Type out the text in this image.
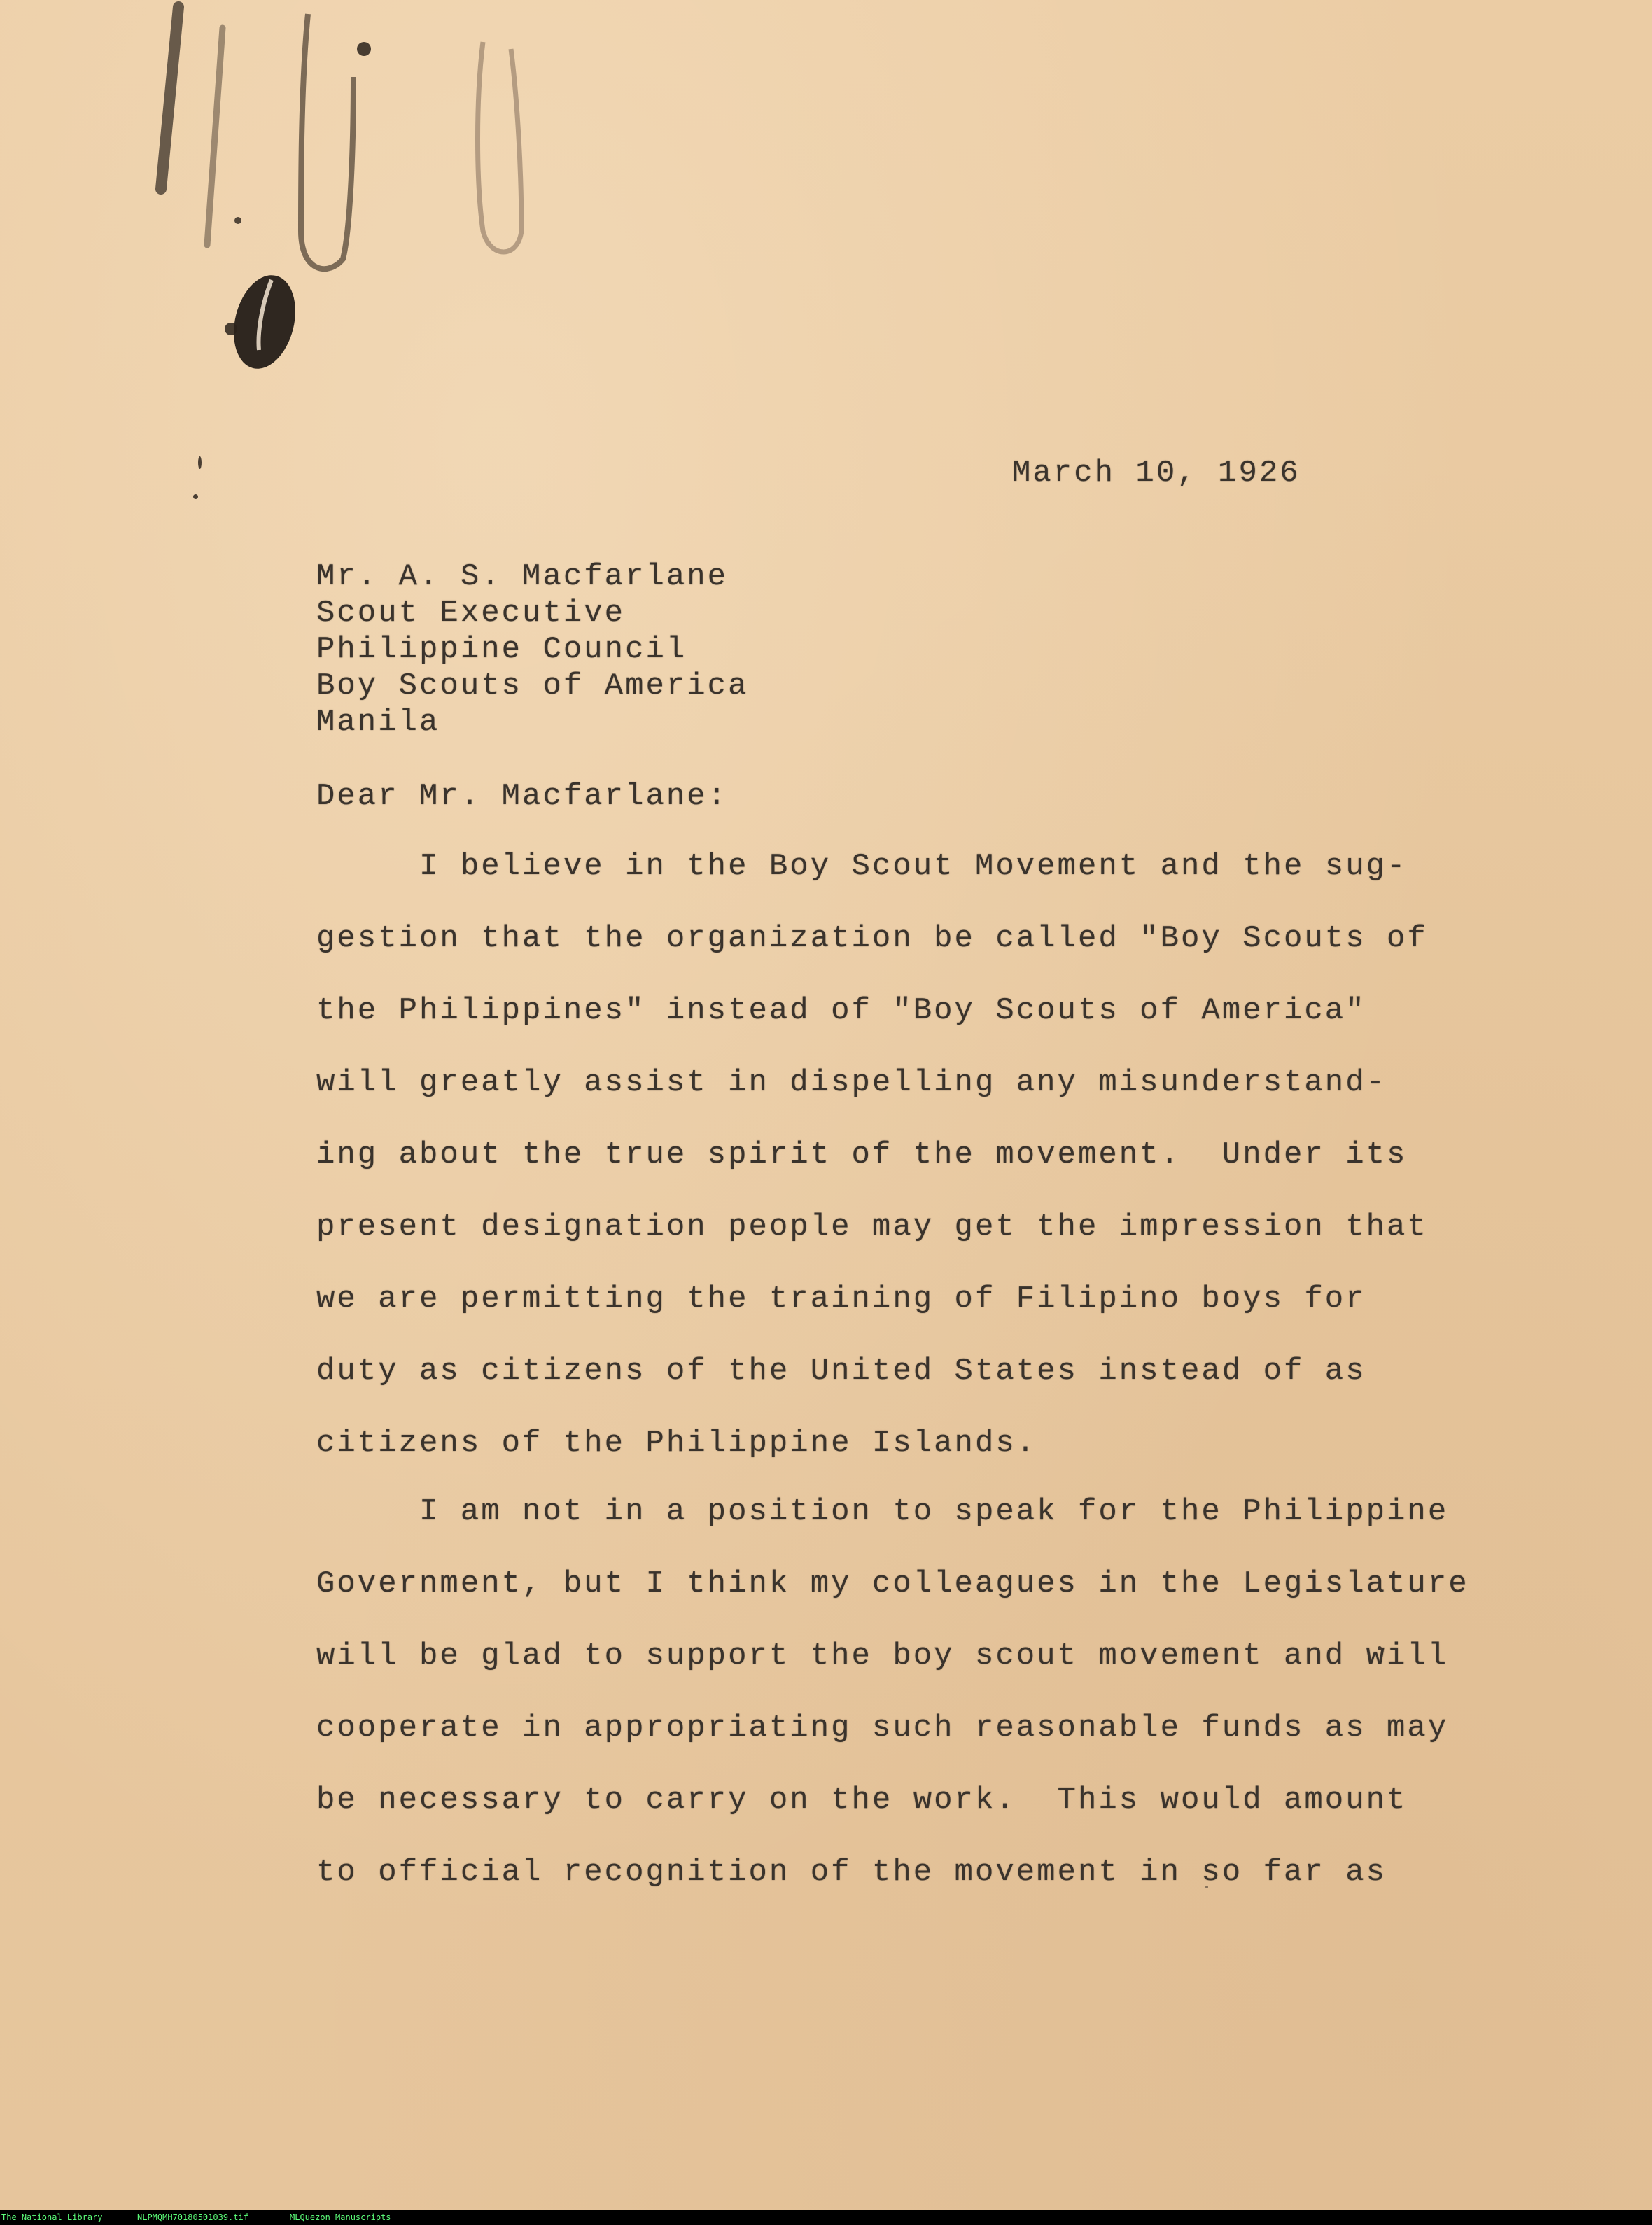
March 10, 1926
Mr. A. S. Macfarlane
Scout Executive
Philippine Council
Boy Scouts of America
Manila
Dear Mr. Macfarlane:
I believe in the Boy Scout Movement and the sug-
gestion that the organization be called "Boy Scouts of
the Philippines" instead of "Boy Scouts of America"
will greatly assist in dispelling any misunderstand-
ing about the true spirit of the movement.  Under its
present designation people may get the impression that
we are permitting the training of Filipino boys for
duty as citizens of the United States instead of as
citizens of the Philippine Islands.
I am not in a position to speak for the Philippine
Government, but I think my colleagues in the Legislature
will be glad to support the boy scout movement and will
cooperate in appropriating such reasonable funds as may
be necessary to carry on the work.  This would amount
to official recognition of the movement in so far as
The National Library	NLPMQMH70180501039.tif	MLQuezon Manuscripts
